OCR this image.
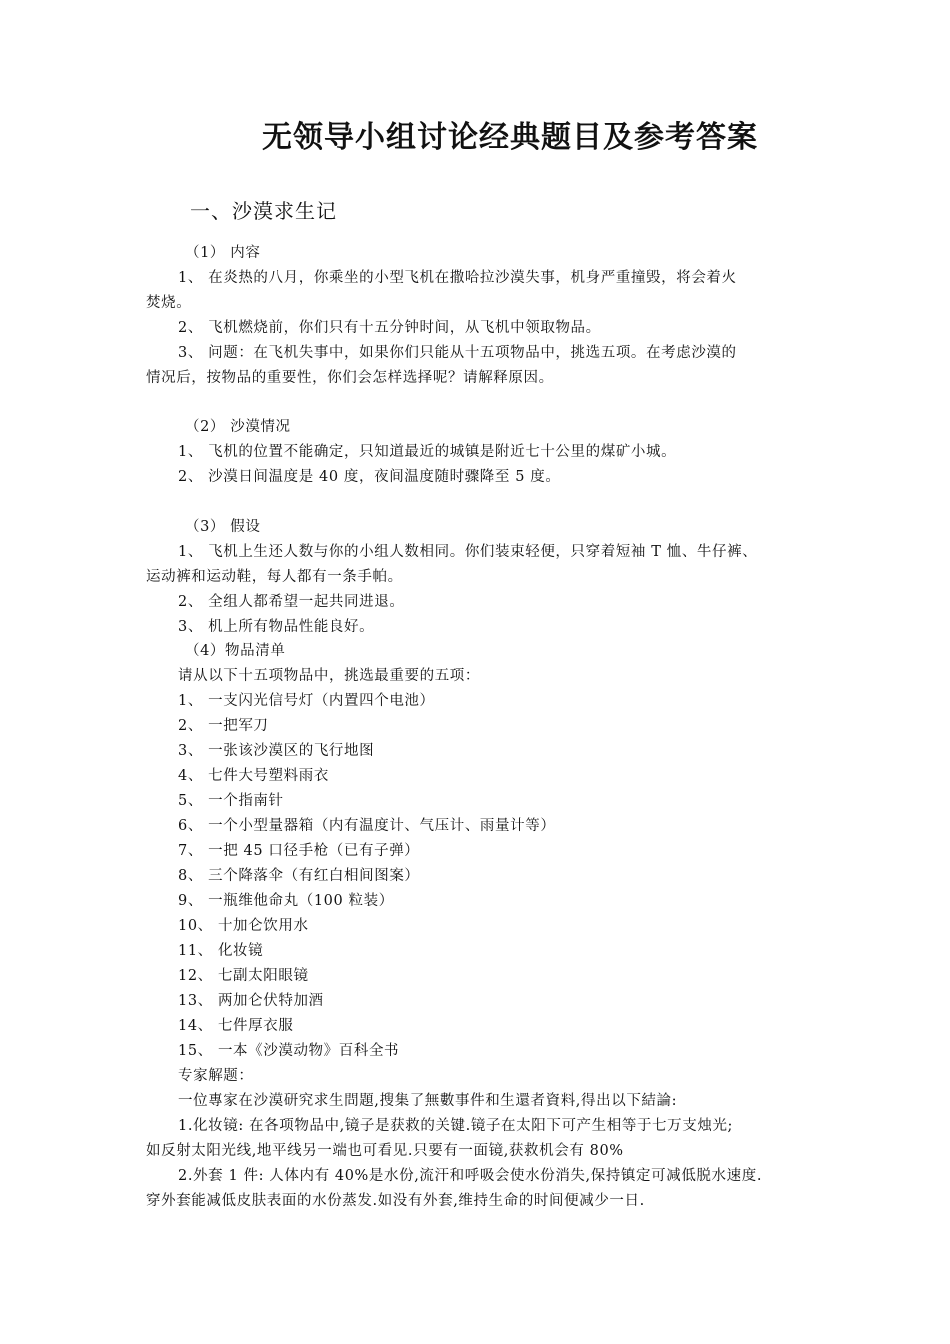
无领导小组讨论经典题目及参考答案
一、沙漠求生记
（1） 内容
1、 在炎热的八月，你乘坐的小型飞机在撒哈拉沙漠失事，机身严重撞毁，将会着火
焚烧。
2、 飞机燃烧前，你们只有十五分钟时间，从飞机中领取物品。
3、 问题：在飞机失事中，如果你们只能从十五项物品中，挑选五项。在考虑沙漠的
情况后，按物品的重要性，你们会怎样选择呢？请解释原因。
（2） 沙漠情况
1、 飞机的位置不能确定，只知道最近的城镇是附近七十公里的煤矿小城。
2、 沙漠日间温度是 40 度，夜间温度随时骤降至 5 度。
（3） 假设
1、 飞机上生还人数与你的小组人数相同。你们装束轻便，只穿着短袖 T 恤、牛仔裤、
运动裤和运动鞋，每人都有一条手帕。
2、 全组人都希望一起共同进退。
3、 机上所有物品性能良好。
（4）物品清单
请从以下十五项物品中，挑选最重要的五项：
1、 一支闪光信号灯（内置四个电池）
2、 一把军刀
3、 一张该沙漠区的飞行地图
4、 七件大号塑料雨衣
5、 一个指南针
6、 一个小型量器箱（内有温度计、气压计、雨量计等）
7、 一把 45 口径手枪（已有子弹）
8、 三个降落伞（有红白相间图案）
9、 一瓶维他命丸（100 粒装）
10、 十加仑饮用水
11、 化妆镜
12、 七副太阳眼镜
13、 两加仑伏特加酒
14、 七件厚衣服
15、 一本《沙漠动物》百科全书
专家解题：
一位專家在沙漠研究求生問題,搜集了無數事件和生還者資料,得出以下結論:
1.化妆镜: 在各项物品中,镜子是获救的关键.镜子在太阳下可产生相等于七万支烛光;
如反射太阳光线,地平线另一端也可看见.只要有一面镜,获救机会有 80%
2.外套 1 件: 人体内有 40%是水份,流汗和呼吸会使水份消失,保持镇定可减低脱水速度.
穿外套能减低皮肤表面的水份蒸发.如没有外套,维持生命的时间便减少一日.
